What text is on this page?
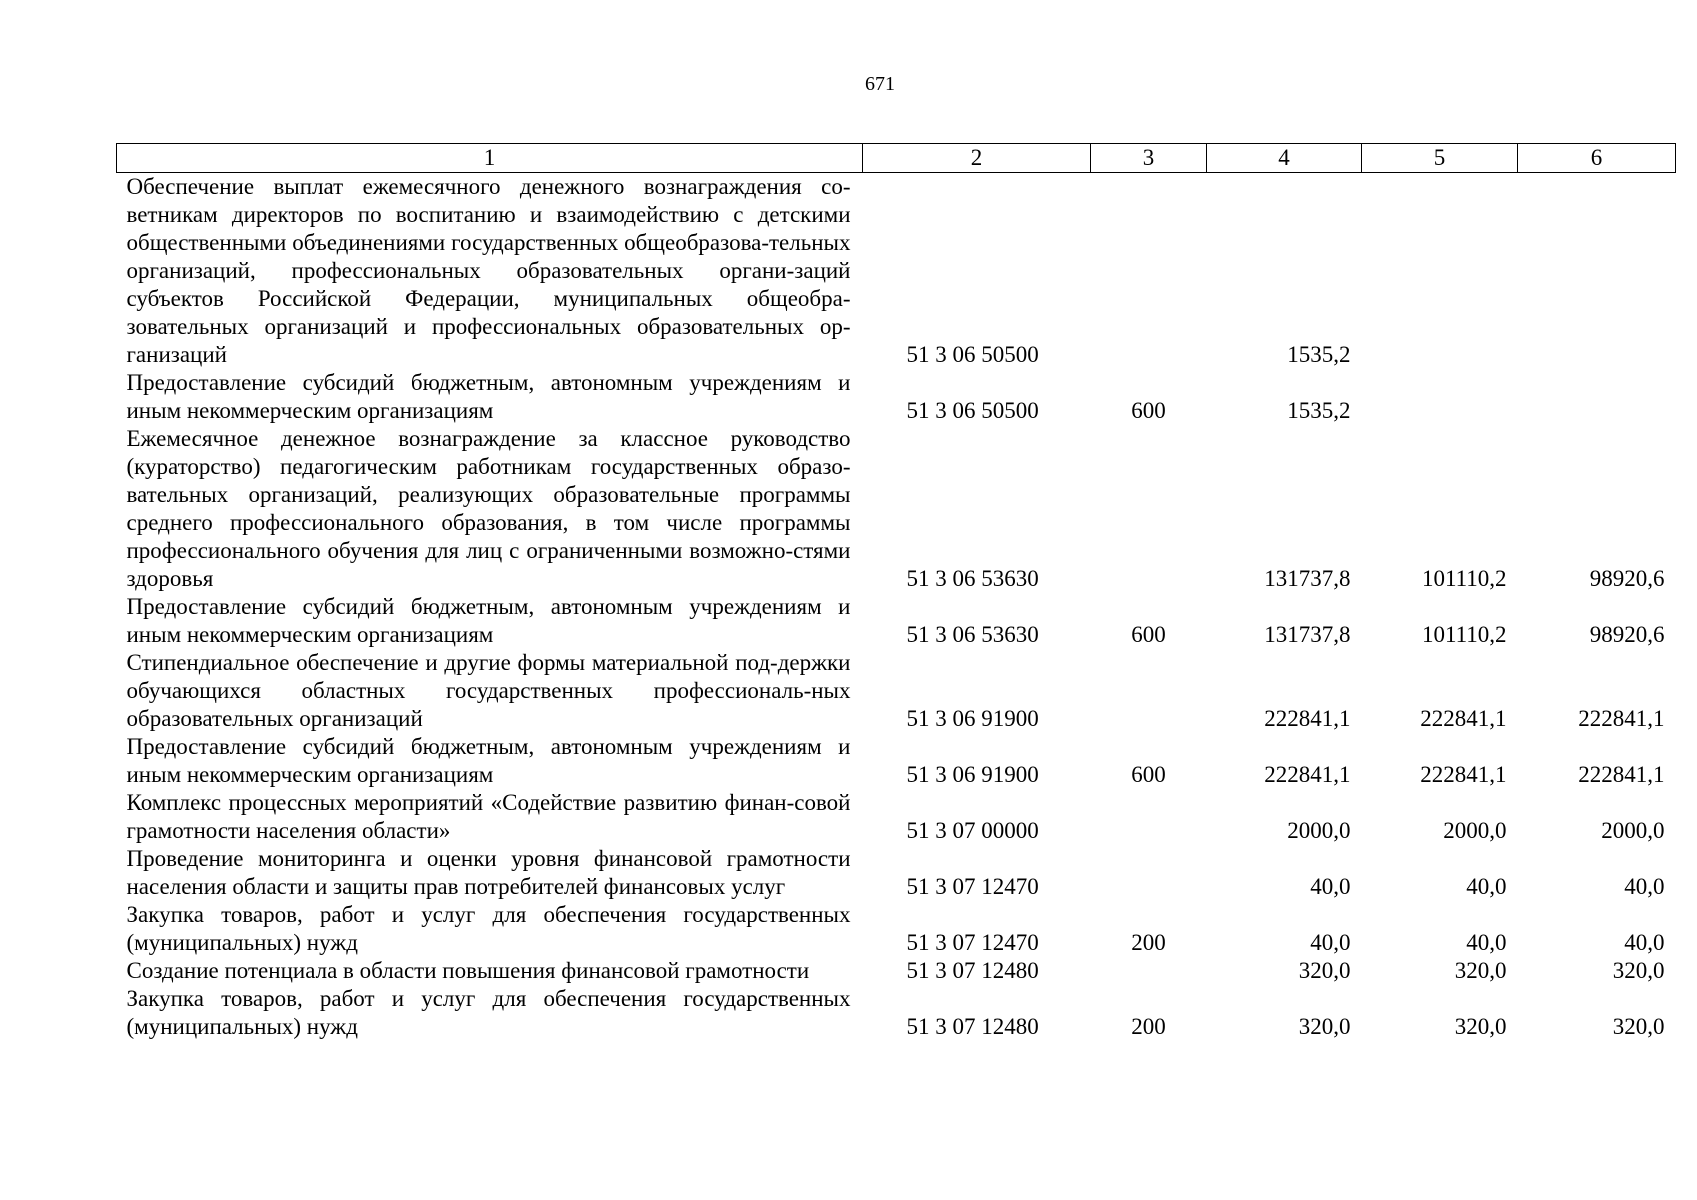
671
1	2	3	4	5	6
Обеспечение выплат ежемесячного денежного вознаграждения со-ветникам директоров по воспитанию и взаимодействию с детскими общественными объединениями государственных общеобразова-тельных организаций, профессиональных образовательных органи-заций субъектов Российской Федерации, муниципальных общеобра-зовательных организаций и профессиональных образовательных ор-ганизаций	51 3 06 50500		1535,2		
Предоставление субсидий бюджетным, автономным учреждениям и иным некоммерческим организациям	51 3 06 50500	600	1535,2		
Ежемесячное денежное вознаграждение за классное руководство (кураторство) педагогическим работникам государственных образо-вательных организаций, реализующих образовательные программы среднего профессионального образования, в том числе программы профессионального обучения для лиц с ограниченными возможно-стями здоровья	51 3 06 53630		131737,8	101110,2	98920,6
Предоставление субсидий бюджетным, автономным учреждениям и иным некоммерческим организациям	51 3 06 53630	600	131737,8	101110,2	98920,6
Стипендиальное обеспечение и другие формы материальной под-держки обучающихся областных государственных профессиональ-ных образовательных организаций	51 3 06 91900		222841,1	222841,1	222841,1
Предоставление субсидий бюджетным, автономным учреждениям и иным некоммерческим организациям	51 3 06 91900	600	222841,1	222841,1	222841,1
Комплекс процессных мероприятий «Содействие развитию финан-совой грамотности населения области»	51 3 07 00000		2000,0	2000,0	2000,0
Проведение мониторинга и оценки уровня финансовой грамотности населения области и защиты прав потребителей финансовых услуг	51 3 07 12470		40,0	40,0	40,0
Закупка товаров, работ и услуг для обеспечения государственных (муниципальных) нужд	51 3 07 12470	200	40,0	40,0	40,0
Создание потенциала в области повышения финансовой грамотности	51 3 07 12480		320,0	320,0	320,0
Закупка товаров, работ и услуг для обеспечения государственных (муниципальных) нужд	51 3 07 12480	200	320,0	320,0	320,0
